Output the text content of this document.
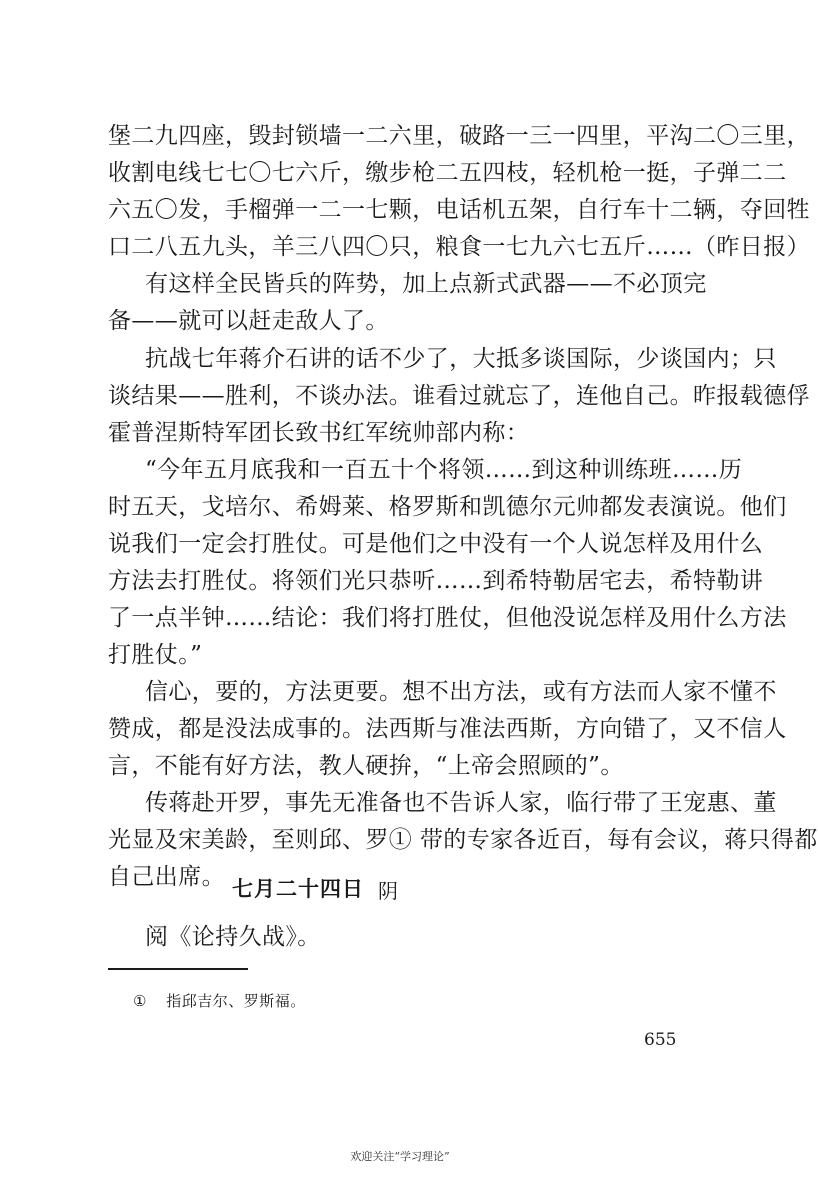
堡二九四座，毁封锁墙一二六里，破路一三一四里，平沟二〇三里，
收割电线七七〇七六斤，缴步枪二五四枝，轻机枪一挺，子弹二二
六五〇发，手榴弹一二一七颗，电话机五架，自行车十二辆，夺回牲
口二八五九头，羊三八四〇只，粮食一七九六七五斤……（昨日报）
有这样全民皆兵的阵势，加上点新式武器——不必顶完
备——就可以赶走敌人了。
抗战七年蒋介石讲的话不少了，大抵多谈国际，少谈国内；只
谈结果——胜利，不谈办法。谁看过就忘了，连他自己。昨报载德俘
霍普涅斯特军团长致书红军统帅部内称：
“今年五月底我和一百五十个将领……到这种训练班……历
时五天，戈培尔、希姆莱、格罗斯和凯德尔元帅都发表演说。他们
说我们一定会打胜仗。可是他们之中没有一个人说怎样及用什么
方法去打胜仗。将领们光只恭听……到希特勒居宅去，希特勒讲
了一点半钟……结论：我们将打胜仗，但他没说怎样及用什么方法
打胜仗。”
信心，要的，方法更要。想不出方法，或有方法而人家不懂不
赞成，都是没法成事的。法西斯与准法西斯，方向错了，又不信人
言，不能有好方法，教人硬拚，“上帝会照顾的”。
传蒋赴开罗，事先无准备也不告诉人家，临行带了王宠惠、董
光显及宋美龄，至则邱、罗① 带的专家各近百，每有会议，蒋只得都
自己出席。 七月二十四日 阴
阅《论持久战》。
① 指邱吉尔、罗斯福。
655
欢迎关注“学习理论”
